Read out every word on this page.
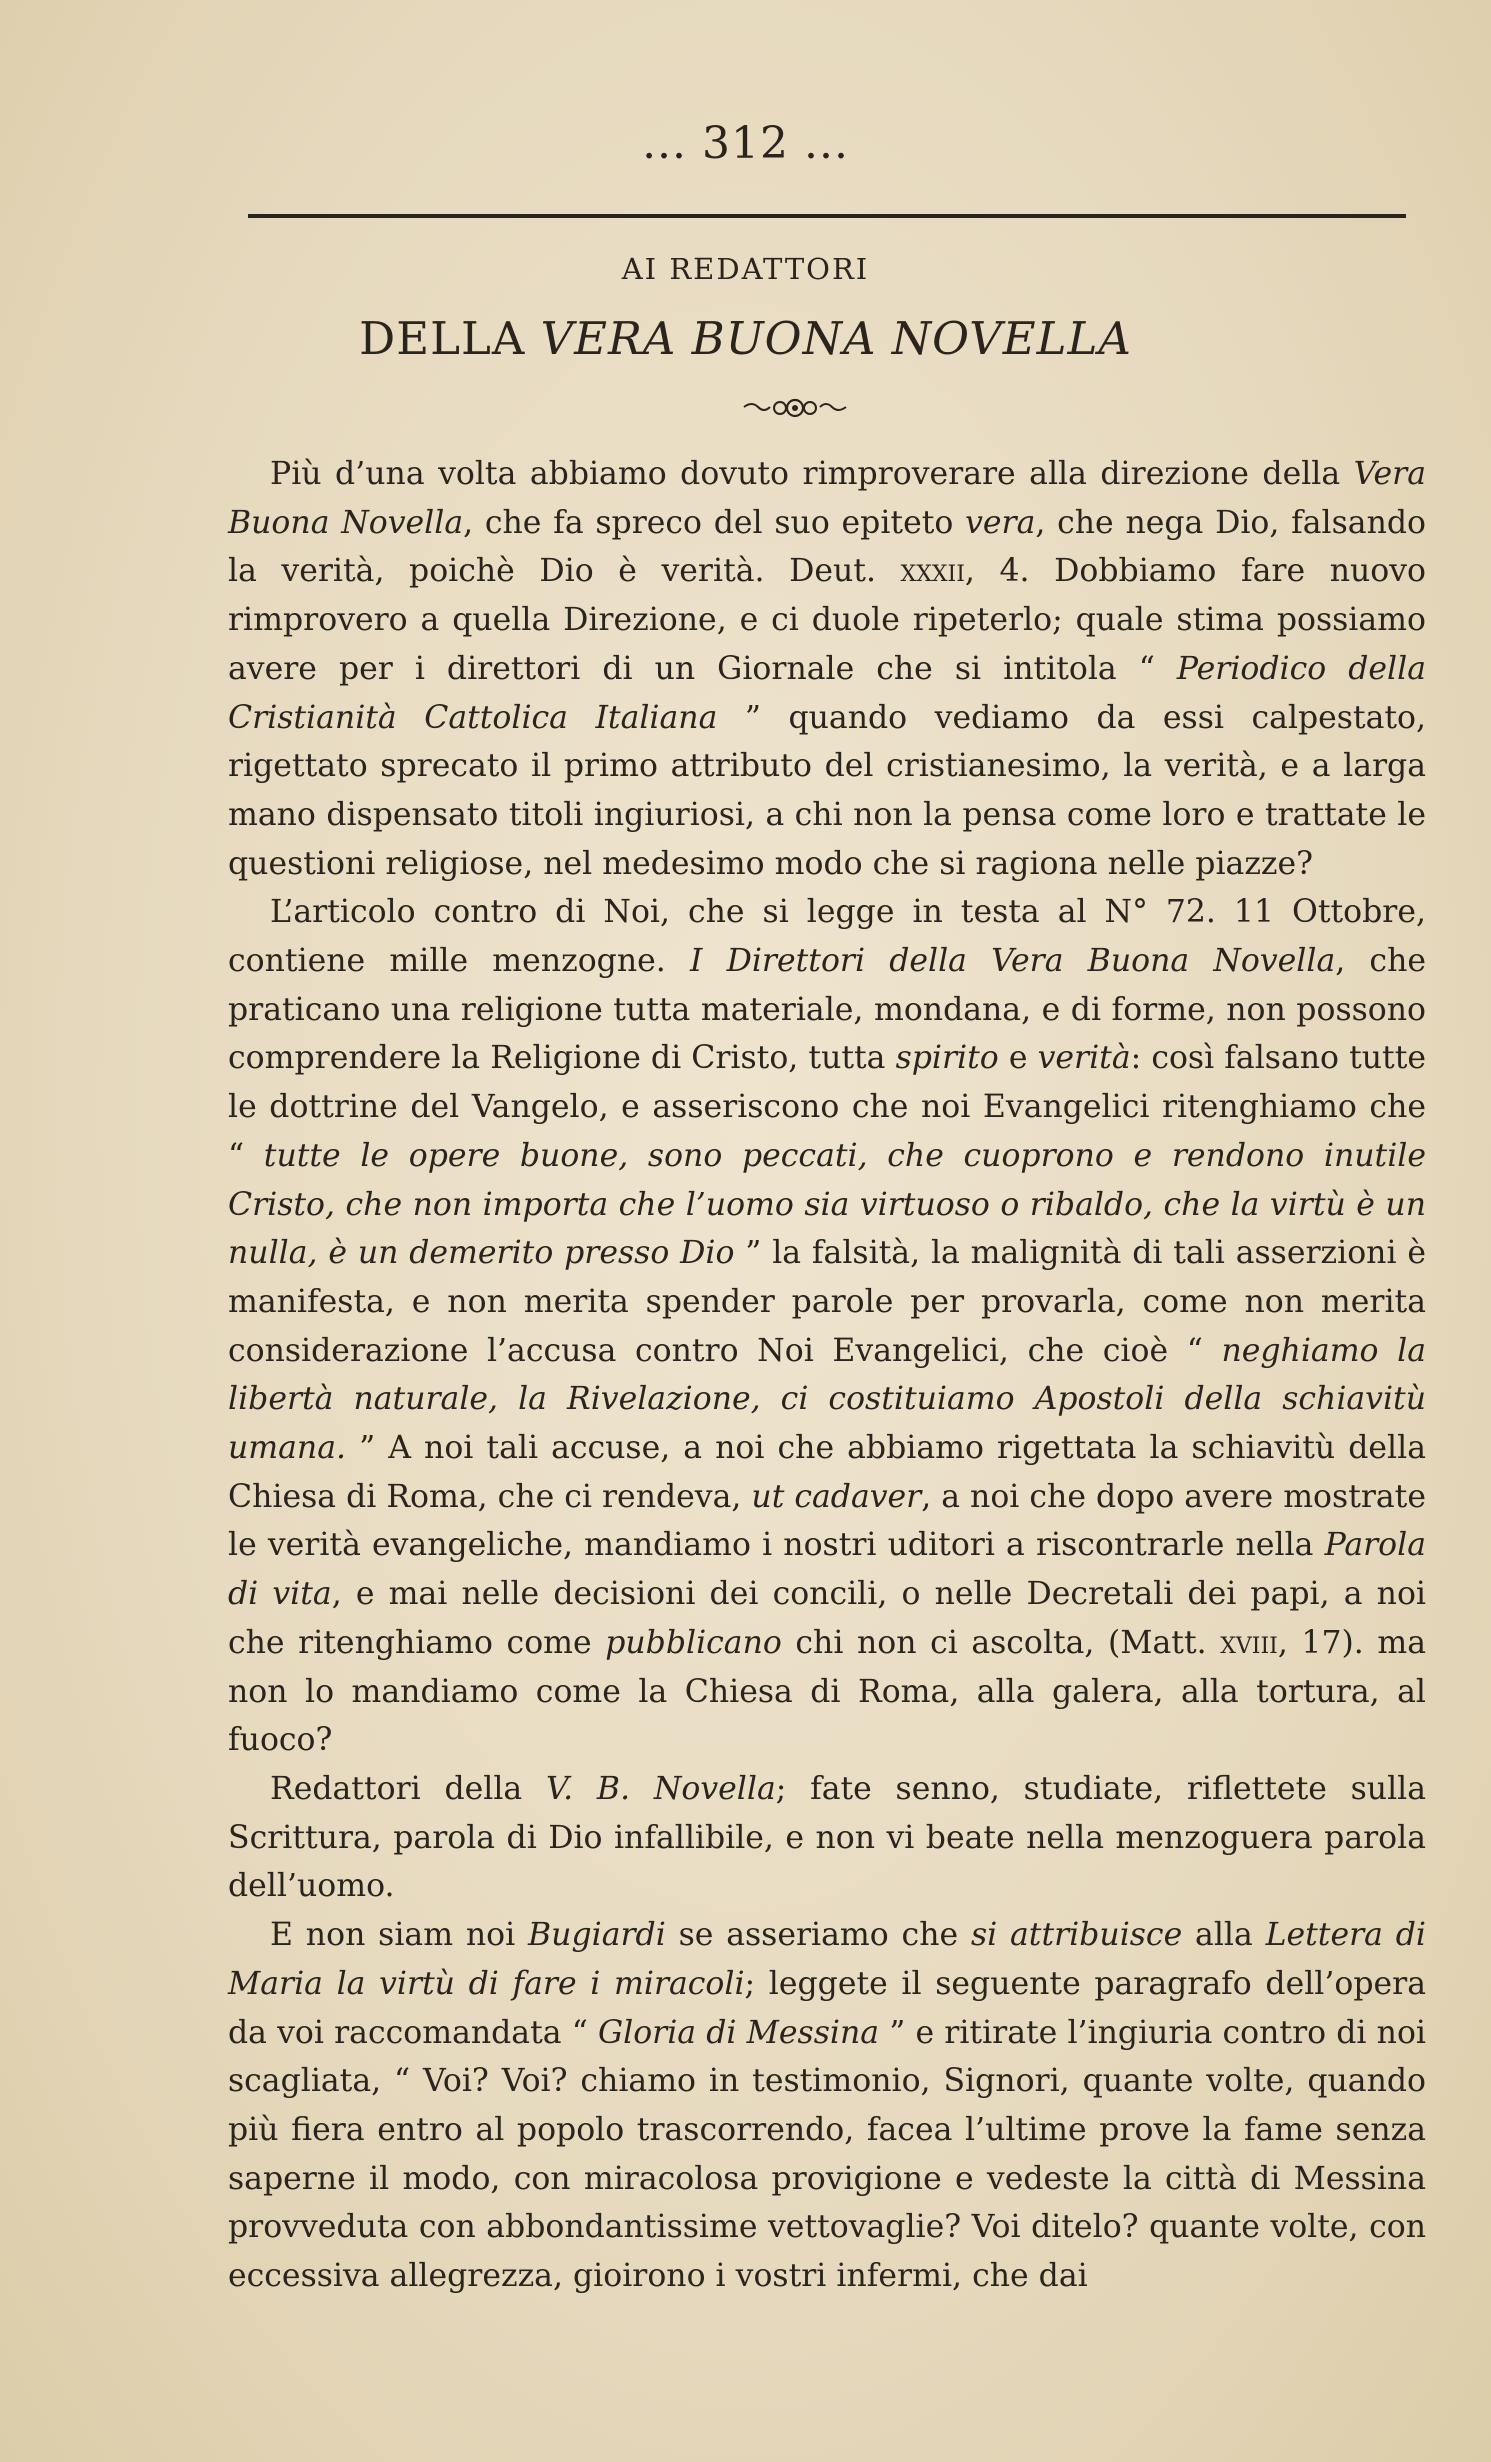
... 312 ...
AI REDATTORI
DELLA VERA BUONA NOVELLA

Più d’una volta abbiamo dovuto rimproverare alla direzione della Vera Buona Novella, che fa spreco del suo epiteto vera, che nega Dio, falsando la verità, poichè Dio è verità. Deut. xxxii, 4. Dobbiamo fare nuovo rimprovero a quella Direzione, e ci duole ripeterlo; quale stima possiamo avere per i direttori di un Giornale che si intitola “ Periodico della Cristianità Cattolica Italiana ” quando vediamo da essi calpestato, rigettato sprecato il primo attributo del cristianesimo, la verità, e a larga mano dispensato titoli ingiuriosi, a chi non la pensa come loro e trattate le questioni religiose, nel medesimo modo che si ragiona nelle piazze?

L’articolo contro di Noi, che si legge in testa al N° 72. 11 Ottobre, contiene mille menzogne. I Direttori della Vera Buona Novella, che praticano una religione tutta materiale, mondana, e di forme, non possono comprendere la Religione di Cristo, tutta spirito e verità: così falsano tutte le dottrine del Vangelo, e asseriscono che noi Evangelici ritenghiamo che “ tutte le opere buone, sono peccati, che cuoprono e rendono inutile Cristo, che non importa che l’uomo sia virtuoso o ribaldo, che la virtù è un nulla, è un demerito presso Dio ” la falsità, la malignità di tali asserzioni è manifesta, e non merita spender parole per provarla, come non merita considerazione l’accusa contro Noi Evangelici, che cioè “ neghiamo la libertà naturale, la Rivelazione, ci costituiamo Apostoli della schiavitù umana. ” A noi tali accuse, a noi che abbiamo rigettata la schiavitù della Chiesa di Roma, che ci rendeva, ut cadaver, a noi che dopo avere mostrate le verità evangeliche, mandiamo i nostri uditori a riscontrarle nella Parola di vita, e mai nelle decisioni dei concili, o nelle Decretali dei papi, a noi che ritenghiamo come pubblicano chi non ci ascolta, (Matt. xviii, 17). ma non lo mandiamo come la Chiesa di Roma, alla galera, alla tortura, al fuoco?

Redattori della V. B. Novella; fate senno, studiate, riflettete sulla Scrittura, parola di Dio infallibile, e non vi beate nella menzoguera parola dell’uomo.

E non siam noi Bugiardi se asseriamo che si attribuisce alla Lettera di Maria la virtù di fare i miracoli; leggete il seguente paragrafo dell’opera da voi raccomandata “ Gloria di Messina ” e ritirate l’ingiuria contro di noi scagliata, “ Voi? Voi? chiamo in testimonio, Signori, quante volte, quando più fiera entro al popolo trascorrendo, facea l’ultime prove la fame senza saperne il modo, con miracolosa provigione e vedeste la città di Messina provveduta con abbondantissime vettovaglie? Voi ditelo? quante volte, con eccessiva allegrezza, gioirono i vostri infermi, che dai
